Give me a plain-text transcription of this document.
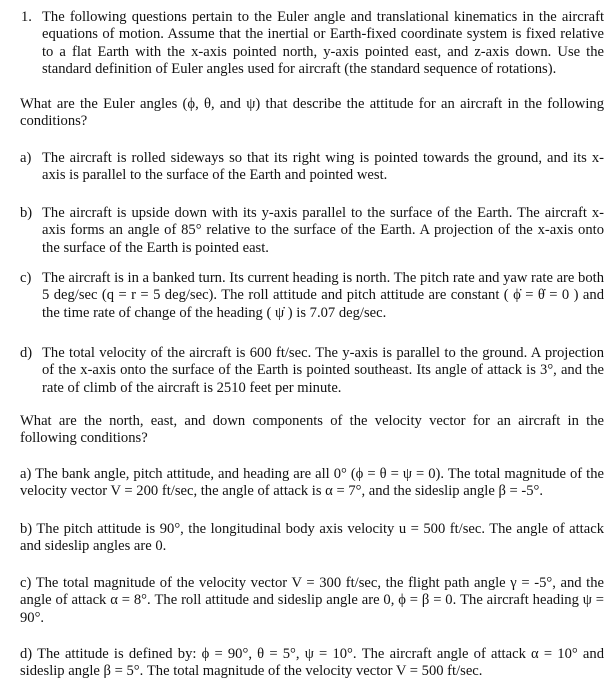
1. The following questions pertain to the Euler angle and translational kinematics in the aircraft equations of motion. Assume that the inertial or Earth-fixed coordinate system is fixed relative to a flat Earth with the x-axis pointed north, y-axis pointed east, and z-axis down. Use the standard definition of Euler angles used for aircraft (the standard sequence of rotations).
What are the Euler angles (ϕ, θ, and ψ) that describe the attitude for an aircraft in the following conditions?
a) The aircraft is rolled sideways so that its right wing is pointed towards the ground, and its x-axis is parallel to the surface of the Earth and pointed west.
b) The aircraft is upside down with its y-axis parallel to the surface of the Earth. The aircraft x-axis forms an angle of 85° relative to the surface of the Earth. A projection of the x-axis onto the surface of the Earth is pointed east.
c) The aircraft is in a banked turn. Its current heading is north. The pitch rate and yaw rate are both 5 deg/sec (q = r = 5 deg/sec). The roll attitude and pitch attitude are constant ( ϕ̇ = θ̇ = 0 ) and the time rate of change of the heading ( ψ̇ ) is 7.07 deg/sec.
d) The total velocity of the aircraft is 600 ft/sec. The y-axis is parallel to the ground. A projection of the x-axis onto the surface of the Earth is pointed southeast. Its angle of attack is 3°, and the rate of climb of the aircraft is 2510 feet per minute.
What are the north, east, and down components of the velocity vector for an aircraft in the following conditions?
a) The bank angle, pitch attitude, and heading are all 0° (ϕ = θ = ψ = 0). The total magnitude of the velocity vector V = 200 ft/sec, the angle of attack is α = 7°, and the sideslip angle β = -5°.
b) The pitch attitude is 90°, the longitudinal body axis velocity u = 500 ft/sec. The angle of attack and sideslip angles are 0.
c) The total magnitude of the velocity vector V = 300 ft/sec, the flight path angle γ = -5°, and the angle of attack α = 8°. The roll attitude and sideslip angle are 0, ϕ = β = 0. The aircraft heading ψ = 90°.
d) The attitude is defined by: ϕ = 90°, θ = 5°, ψ = 10°. The aircraft angle of attack α = 10° and sideslip angle β = 5°. The total magnitude of the velocity vector V = 500 ft/sec.
